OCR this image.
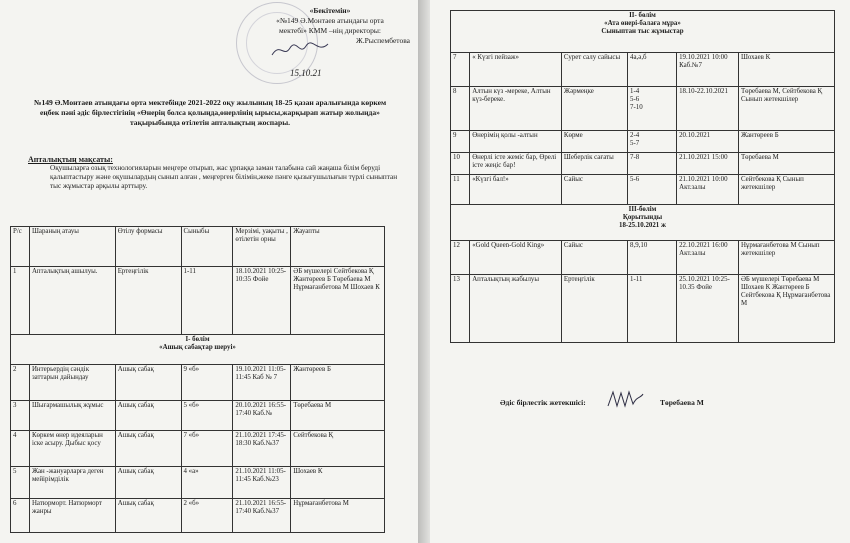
«Бекітемін»
«№149 Ә.Монтаев атындағы орта
мектебі» КММ –нің директоры:
Ж.Рыспембетова
15.10.21
№149 Ә.Монтаев атындағы орта мектебінде 2021-2022 оқу жылының 18-25 қазан аралығында көркем еңбек пәні әдіс бірлестігінің «Өнерің болса қолыңда,өнерлінің ырысы,жарқырап жатыр жолыңда» тақырыбында өтілетін апталықтың жоспары.
Апталықтың мақсаты:
Оқушыларға озық технологияларын меңгере отырып, жас ұрпаққа заман талабына сай жаңаша білім беруді қалыптастыру және оқушылардың сынып алған , меңгерген білімін,жеке пәнге қызығушылығын түрлі сыныптан тыс жұмыстар арқылы арттыру.
Р/с	Шараның атауы	Өтілу формасы	Сыныбы	Мерзімі, уақыты , өтілетін орны	Жауапты
1	Апталықтың ашылуы.	Ертеңгілік	1-11	18.10.2021 10:25-10:35 Фойе	ӘБ мүшелері Сейтбекова Қ Жантөреев Б Төребаева М Нұрмағанбетова М Шохаев К
I- бөлім
«Ашық сабақтар шеруі»					
2	Интерьердің сәндік заттарын дайындау	Ашық сабақ	9 «б»	19.10.2021 11:05-11:45 Каб № 7	Жантөреев Б
3	Шығармашылық жұмыс	Ашық сабақ	5 «б»	20.10.2021 16:55-17:40 Каб.№	Төребаева М
4	Көркем өнер идеяларын іске асыру. Дыбыс қосу	Ашық сабақ	7 «б»	21.10.2021 17:45-18:30 Каб.№37	Сейтбекова Қ
5	Жан -жануарларға деген мейірімділік	Ашық сабақ	4 «а»	21.10.2021 11:05-11:45 Каб.№23	Шохаев К
6	Натюрморт. Натюрморт жанры	Ашық сабақ	2 «б»	21.10.2021 16:55-17:40 Каб.№37	Нұрмағанбетова М
II- бөлім
«Ата өнері-балаға мұра»
Сыныптан тыс жұмыстар					
7	« Күзгі пейзаж»	Сурет салу сайысы	4а,ә,б	19.10.2021 10:00 Каб.№7	Шохаев К
8	Алтын күз -мереке, Алтын күз-береке.	Жәрмеңке	1-4
5-6
7-10	18.10-22.10.2021	Төребаева М, Сейтбекова Қ Сынып жетекшілер
9	Өнерімің қолы -алтын	Көрме	2-4
5-7	20.10.2021	Жантөреев Б
10	Өнерлі істе жеміс бар, Өрелі істе жеңіс бар!	Шеберлік сағаты	7-8	21.10.2021 15:00	Төребаева М
11	«Күзгі бал!»	Сайыс	5-6	21.10.2021 10:00 Акт.залы	Сейтбекова Қ Сынып жетекшілер
III-бөлім
Қорытынды
18-25.10.2021 ж					
12	«Gold Queen-Gold King»	Сайыс	8,9,10	22.10.2021 16:00 Акт.залы	Нұрмағанбетова М Сынып жетекшілер
13	Апталықтың жабылуы	Ертеңгілік	1-11	25.10.2021 10:25-10.35 Фойе	ӘБ мүшелері Төребаева М Шохаев К Жантөреев Б Сейтбекова Қ Нұрмағанбетова М
Әдіс бірлестік жетекшісі:	Төребаева М
